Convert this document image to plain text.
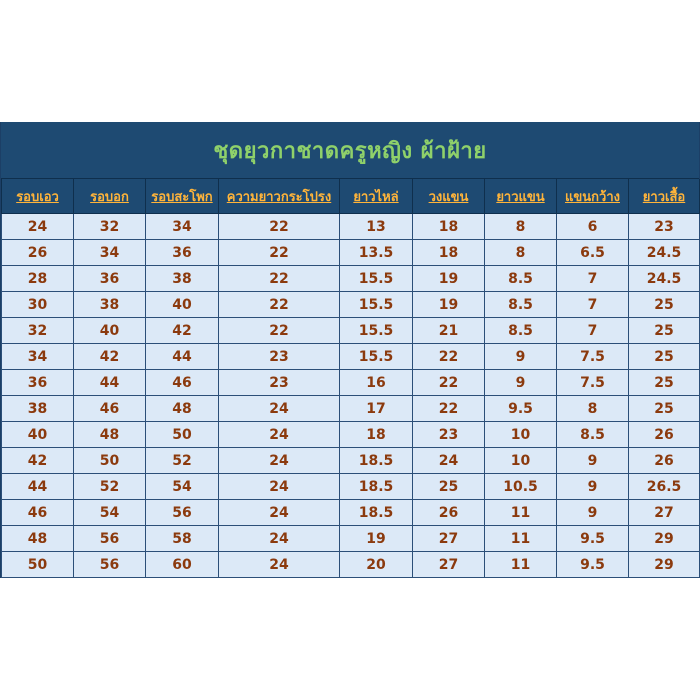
ชุดยุวกาชาดครูหญิง ผ้าฝ้าย
รอบเอว	รอบอก	รอบสะโพก	ความยาวกระโปรง	ยาวไหล่	วงแขน	ยาวแขน	แขนกว้าง	ยาวเสื้อ
24	32	34	22	13	18	8	6	23
26	34	36	22	13.5	18	8	6.5	24.5
28	36	38	22	15.5	19	8.5	7	24.5
30	38	40	22	15.5	19	8.5	7	25
32	40	42	22	15.5	21	8.5	7	25
34	42	44	23	15.5	22	9	7.5	25
36	44	46	23	16	22	9	7.5	25
38	46	48	24	17	22	9.5	8	25
40	48	50	24	18	23	10	8.5	26
42	50	52	24	18.5	24	10	9	26
44	52	54	24	18.5	25	10.5	9	26.5
46	54	56	24	18.5	26	11	9	27
48	56	58	24	19	27	11	9.5	29
50	56	60	24	20	27	11	9.5	29
